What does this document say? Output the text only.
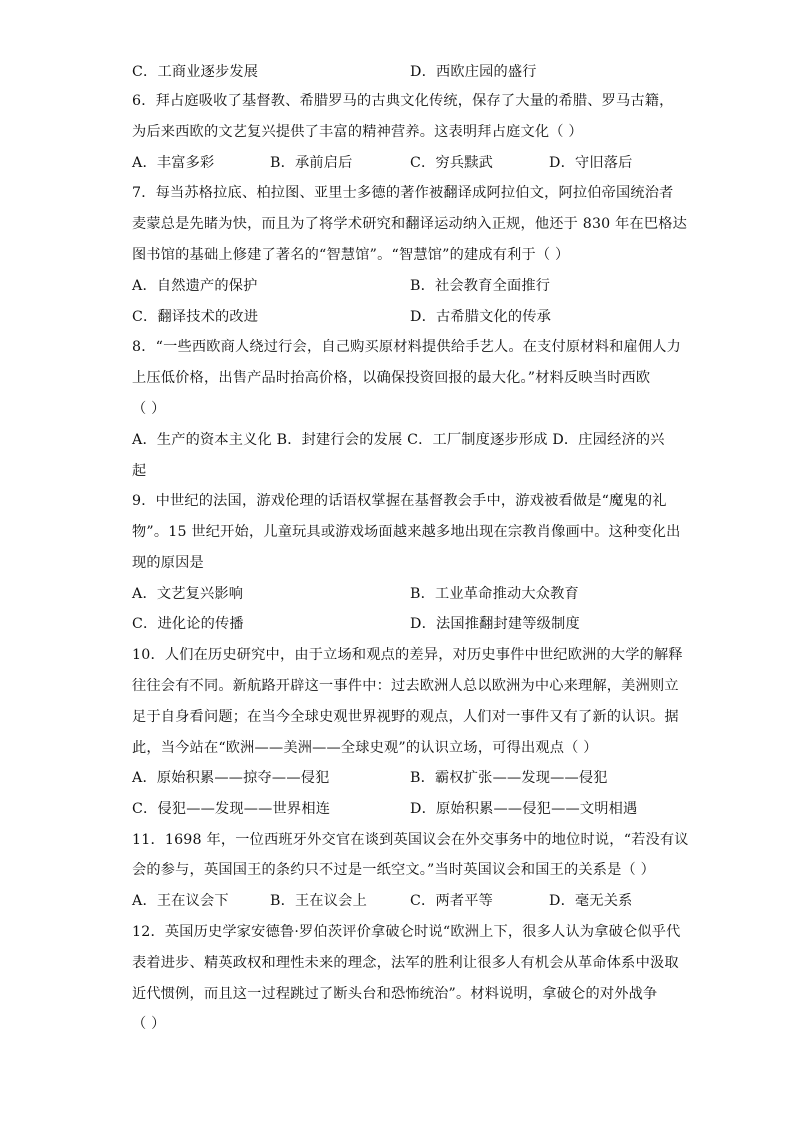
C．工商业逐步发展	D．西欧庄园的盛行
6．拜占庭吸收了基督教、希腊罗马的古典文化传统，保存了大量的希腊、罗马古籍，
为后来西欧的文艺复兴提供了丰富的精神营养。这表明拜占庭文化（ ）
A．丰富多彩	B．承前启后	C．穷兵黩武	D．守旧落后
7．每当苏格拉底、柏拉图、亚里士多德的著作被翻译成阿拉伯文，阿拉伯帝国统治者
麦蒙总是先睹为快，而且为了将学术研究和翻译运动纳入正规，他还于 830 年在巴格达
图书馆的基础上修建了著名的“智慧馆”。“智慧馆”的建成有利于（ ）
A．自然遗产的保护	B．社会教育全面推行
C．翻译技术的改进	D．古希腊文化的传承
8．“一些西欧商人绕过行会，自己购买原材料提供给手艺人。在支付原材料和雇佣人力
上压低价格，出售产品时抬高价格，以确保投资回报的最大化。”材料反映当时西欧
（ ）
A．生产的资本主义化 B．封建行会的发展 C．工厂制度逐步形成 D．庄园经济的兴
起
9．中世纪的法国，游戏伦理的话语权掌握在基督教会手中，游戏被看做是“魔鬼的礼
物”。15 世纪开始，儿童玩具或游戏场面越来越多地出现在宗教肖像画中。这种变化出
现的原因是
A．文艺复兴影响	B．工业革命推动大众教育
C．进化论的传播	D．法国推翻封建等级制度
10．人们在历史研究中，由于立场和观点的差异，对历史事件中世纪欧洲的大学的解释
往往会有不同。新航路开辟这一事件中：过去欧洲人总以欧洲为中心来理解，美洲则立
足于自身看问题；在当今全球史观世界视野的观点，人们对一事件又有了新的认识。据
此，当今站在“欧洲——美洲——全球史观”的认识立场，可得出观点（ ）
A．原始积累——掠夺——侵犯	B．霸权扩张——发现——侵犯
C．侵犯——发现——世界相连	D．原始积累——侵犯——文明相遇
11．1698 年，一位西班牙外交官在谈到英国议会在外交事务中的地位时说，“若没有议
会的参与，英国国王的条约只不过是一纸空文。”当时英国议会和国王的关系是（ ）
A．王在议会下	B．王在议会上	C．两者平等	D．毫无关系
12．英国历史学家安德鲁·罗伯茨评价拿破仑时说“欧洲上下，很多人认为拿破仑似乎代
表着进步、精英政权和理性未来的理念，法军的胜利让很多人有机会从革命体系中汲取
近代惯例，而且这一过程跳过了断头台和恐怖统治”。材料说明，拿破仑的对外战争
（ ）
